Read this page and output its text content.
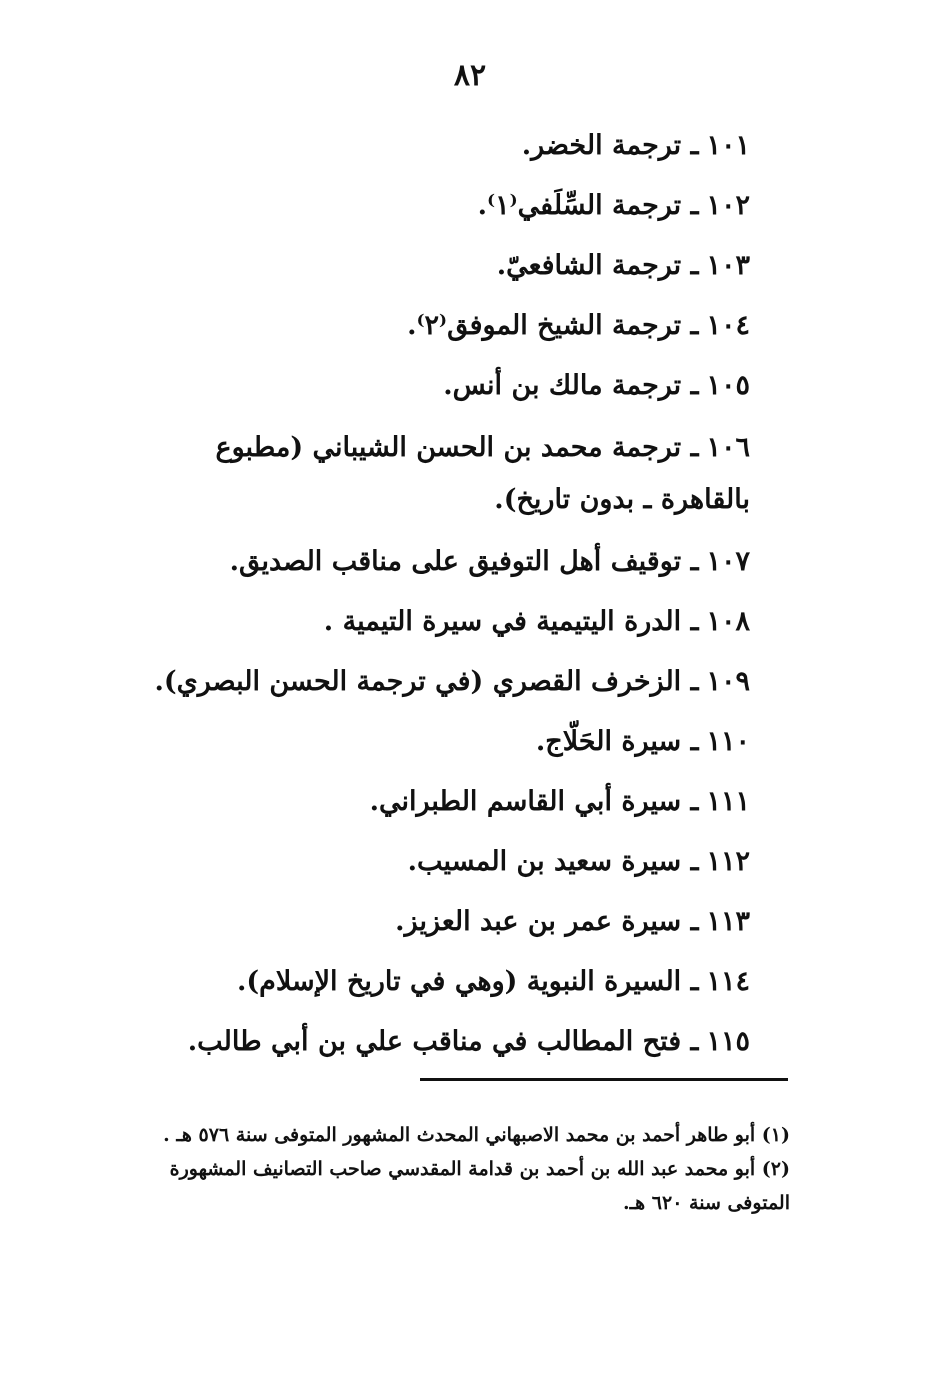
٨٢

١٠١ـ ترجمة الخضر.

١٠٢ـ ترجمة السِّلَفي⁽١⁾.

١٠٣ـ ترجمة الشافعيّ.

١٠٤ـ ترجمة الشيخ الموفق⁽٢⁾.

١٠٥ـ ترجمة مالك بن أنس.

١٠٦ـ ترجمة محمد بن الحسن الشيباني (مطبوع بالقاهرة ـ بدون تاريخ).

١٠٧ـ توقيف أهل التوفيق على مناقب الصديق.

١٠٨ـ الدرة اليتيمية في سيرة التيمية .

١٠٩ـ الزخرف القصري (في ترجمة الحسن البصري).

١١٠ـ سيرة الحَلّاج.

١١١ـ سيرة أبي القاسم الطبراني.

١١٢ـ سيرة سعيد بن المسيب.

١١٣ـ سيرة عمر بن عبد العزيز.

١١٤ـ السيرة النبوية (وهي في تاريخ الإسلام).

١١٥ـ فتح المطالب في مناقب علي بن أبي طالب.

(١) أبو طاهر أحمد بن محمد الاصبهاني المحدث المشهور المتوفى سنة ٥٧٦ هـ .

(٢) أبو محمد عبد الله بن أحمد بن قدامة المقدسي صاحب التصانيف المشهورة المتوفى سنة ٦٢٠ هـ.
